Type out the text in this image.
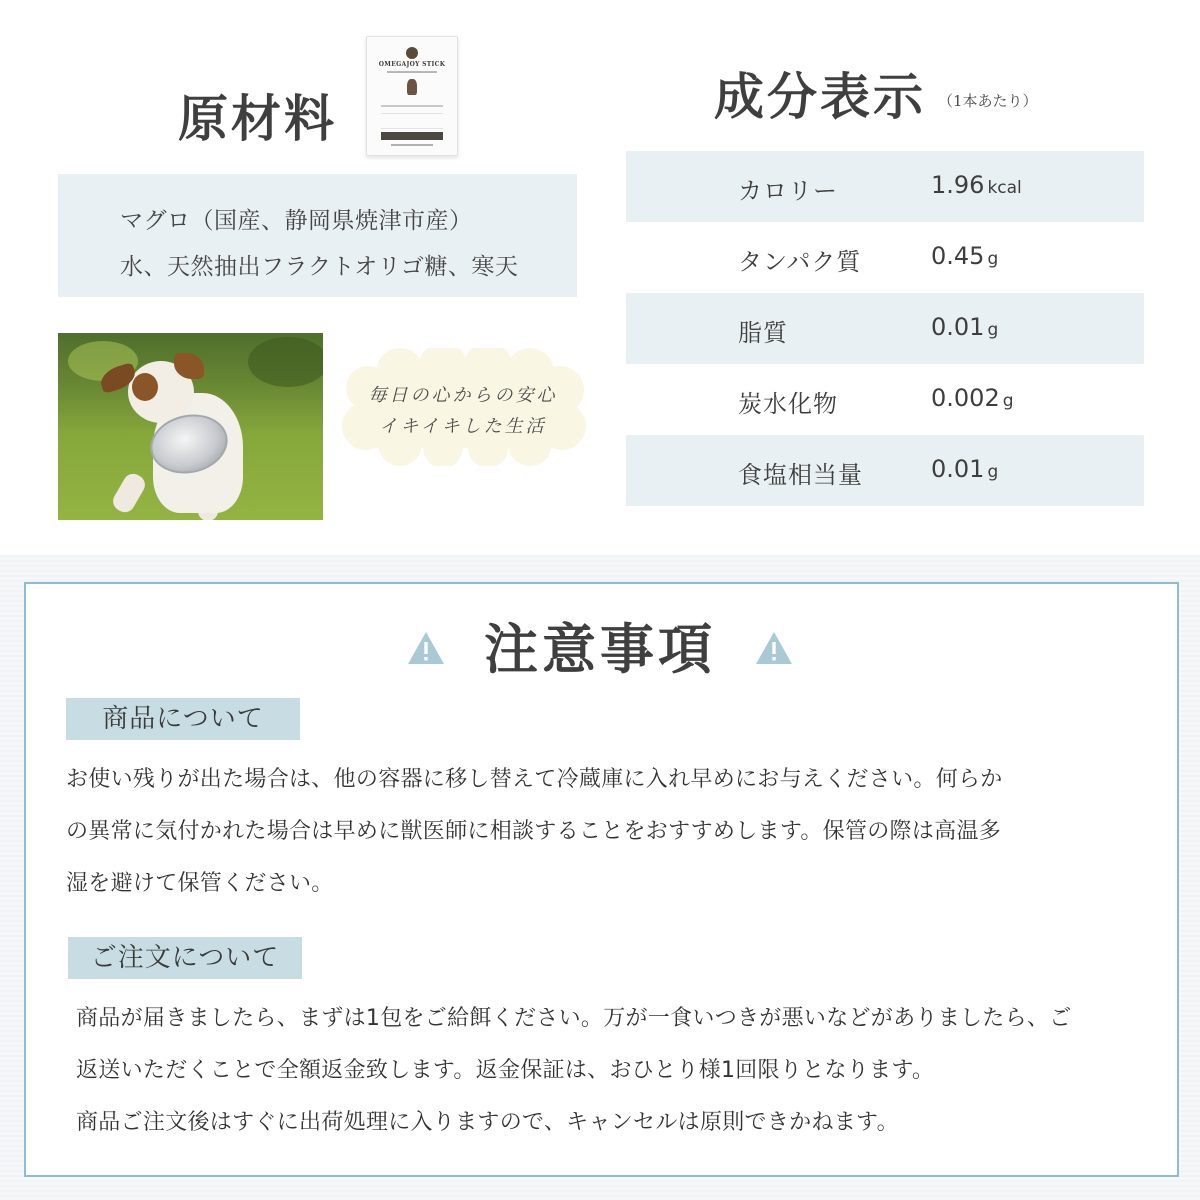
原材料
OMEGAJOY STICK
マグロ（国産、静岡県焼津市産）
水、天然抽出フラクトオリゴ糖、寒天
毎日の心からの安心
イキイキした生活
成分表示 （1本あたり）
カロリー	1.96 kcal
タンパク質	0.45 g
脂質	0.01 g
炭水化物	0.002 g
食塩相当量	0.01 g
注意事項
商品について
お使い残りが出た場合は、他の容器に移し替えて冷蔵庫に入れ早めにお与えください。何らか
の異常に気付かれた場合は早めに獣医師に相談することをおすすめします。保管の際は高温多
湿を避けて保管ください。
ご注文について
商品が届きましたら、まずは1包をご給餌ください。万が一食いつきが悪いなどがありましたら、ご
返送いただくことで全額返金致します。返金保証は、おひとり様1回限りとなります。
商品ご注文後はすぐに出荷処理に入りますので、キャンセルは原則できかねます。
